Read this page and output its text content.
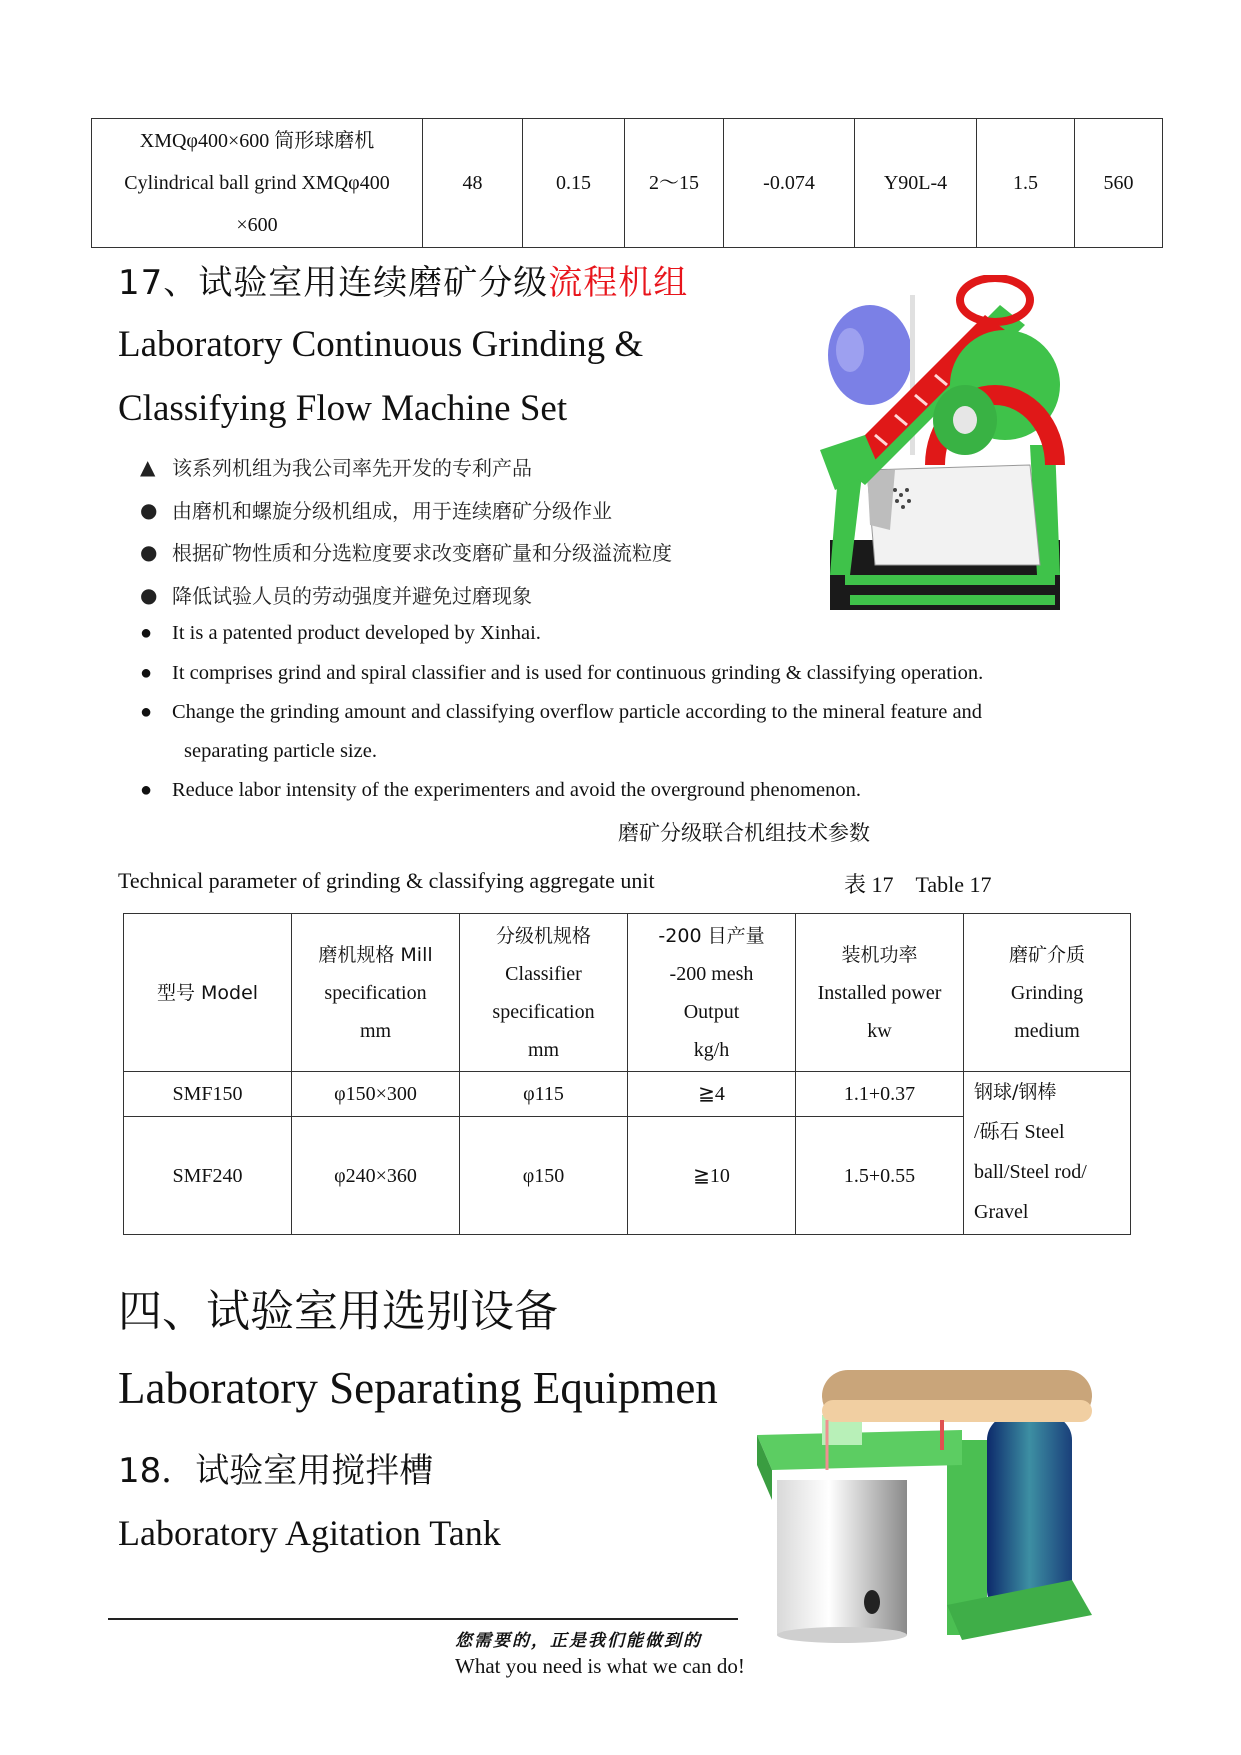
XMQφ400×600 筒形球磨机
Cylindrical ball grind XMQφ400
×600
	48	0.15	2～15	-0.074	Y90L-4	1.5	560
17、试验室用连续磨矿分级流程机组
Laboratory Continuous Grinding &
Classifying Flow Machine Set
▲ 该系列机组为我公司率先开发的专利产品
● 由磨机和螺旋分级机组成，用于连续磨矿分级作业
● 根据矿物性质和分选粒度要求改变磨矿量和分级溢流粒度
● 降低试验人员的劳动强度并避免过磨现象
● It is a patented product developed by Xinhai.
● It comprises grind and spiral classifier and is used for continuous grinding & classifying operation.
● Change the grinding amount and classifying overflow particle according to the mineral feature and
separating particle size.
● Reduce labor intensity of the experimenters and avoid the overground phenomenon.
磨矿分级联合机组技术参数
Technical parameter of grinding & classifying aggregate unit	表 17　Table 17
型号 Model

磨机规格 Mill
specification
mm

分级机规格
Classifier
specification
mm

-200 目产量
-200 mesh
Output
kg/h

装机功率
Installed power
kw

磨矿介质
Grinding
medium

SMF150	φ150×300	φ115	≧4	1.1+0.37	钢球/钢棒
/砾石 Steel
ball/Steel rod/
Gravel

SMF240	φ240×360	φ150	≧10	1.5+0.55	
四、试验室用选别设备
Laboratory Separating Equipmen
18．试验室用搅拌槽
Laboratory Agitation Tank
您需要的，正是我们能做到的
What you need is what we can do!
